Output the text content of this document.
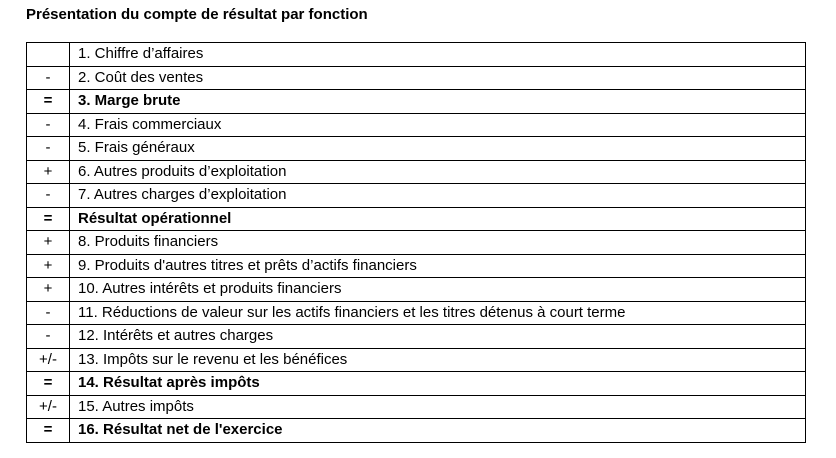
Présentation du compte de résultat par fonction
	1. Chiffre d’affaires
-	2. Coût des ventes
=	3. Marge brute
-	4. Frais commerciaux
-	5. Frais généraux
+	6. Autres produits d’exploitation
-	7. Autres charges d’exploitation
=	Résultat opérationnel
+	8. Produits financiers
+	9. Produits d'autres titres et prêts d’actifs financiers
+	10. Autres intérêts et produits financiers
-	11. Réductions de valeur sur les actifs financiers et les titres détenus à court terme
-	12. Intérêts et autres charges
+/-	13. Impôts sur le revenu et les bénéfices
=	14. Résultat après impôts
+/-	15. Autres impôts
=	16. Résultat net de l'exercice
